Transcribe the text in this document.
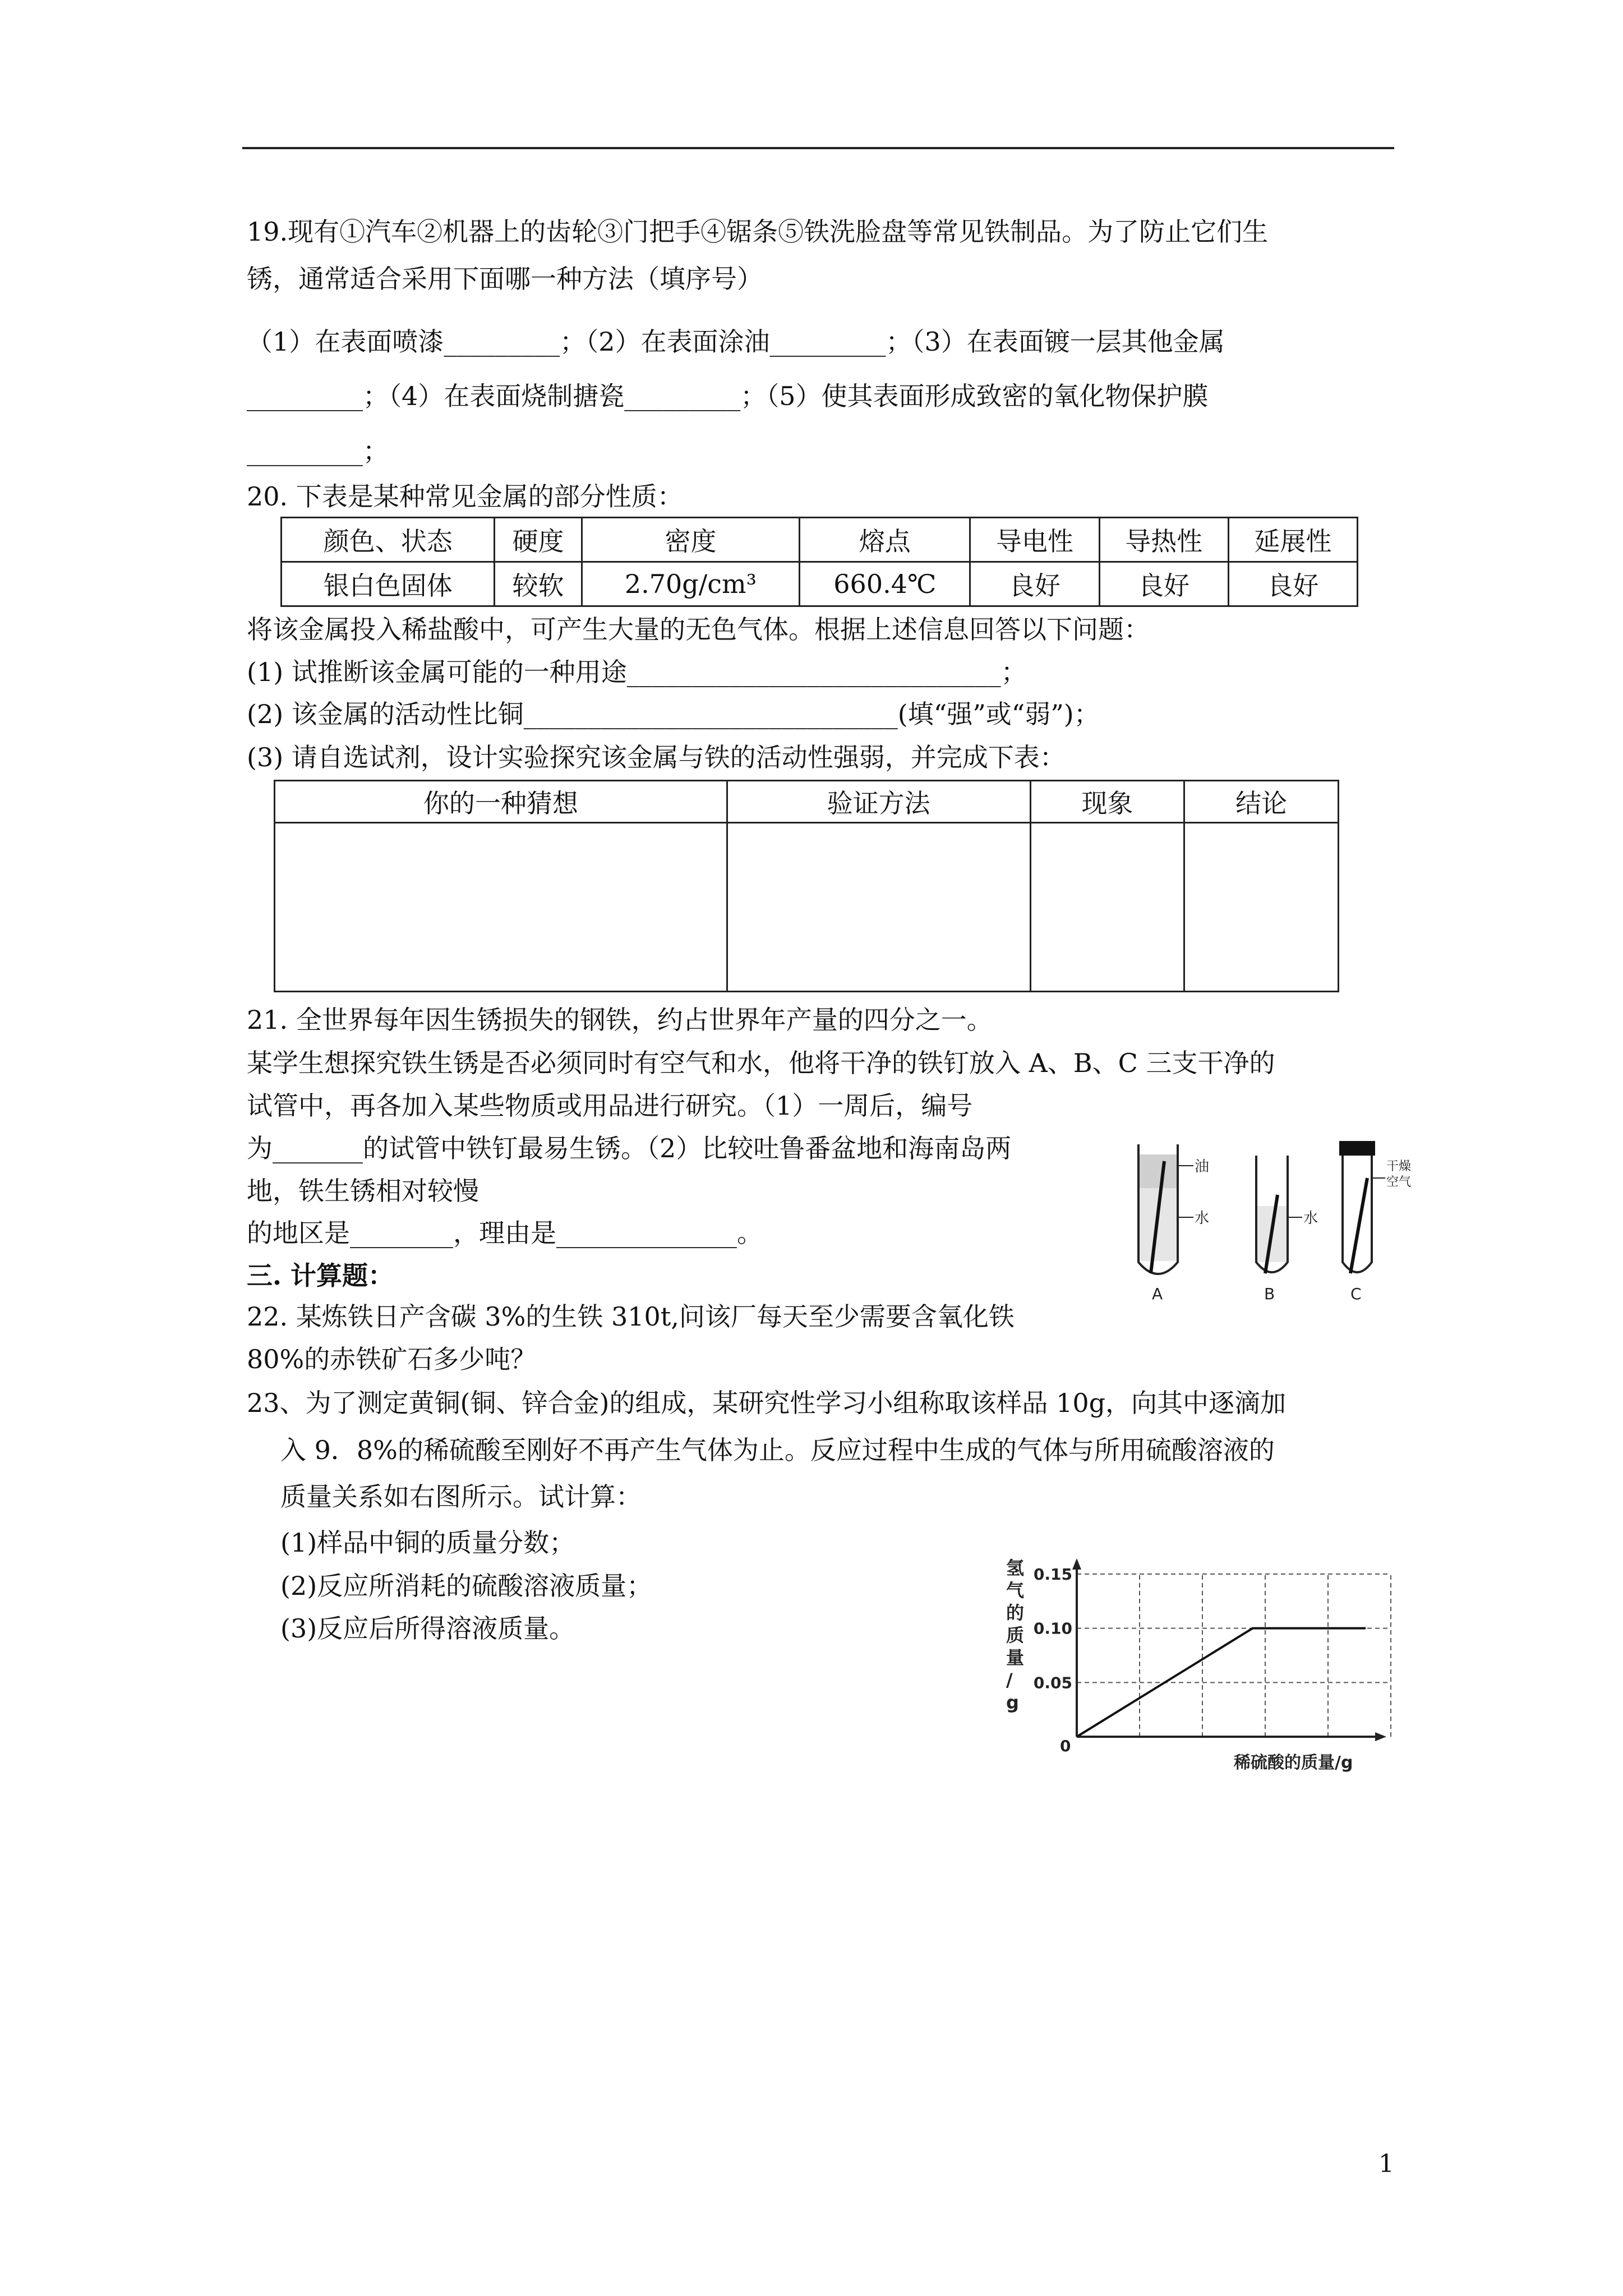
19.现有①汽车②机器上的齿轮③门把手④锯条⑤铁洗脸盘等常见铁制品。为了防止它们生
锈，通常适合采用下面哪一种方法（填序号）
（1）在表面喷漆_________；（2）在表面涂油_________；（3）在表面镀一层其他金属
_________；（4）在表面烧制搪瓷_________；（5）使其表面形成致密的氧化物保护膜
_________；
20. 下表是某种常见金属的部分性质：
颜色、状态	硬度	密度	熔点	导电性	导热性	延展性
银白色固体	较软	2.70g/cm³	660.4℃	良好	良好	良好
将该金属投入稀盐酸中，可产生大量的无色气体。根据上述信息回答以下问题：
(1) 试推断该金属可能的一种用途_____________________________；
(2) 该金属的活动性比铜_____________________________(填“强”或“弱”)；
(3) 请自选试剂，设计实验探究该金属与铁的活动性强弱，并完成下表：
你的一种猜想	验证方法	现象	结论

21. 全世界每年因生锈损失的钢铁，约占世界年产量的四分之一。
某学生想探究铁生锈是否必须同时有空气和水，他将干净的铁钉放入 A、B、C 三支干净的
试管中，再各加入某些物质或用品进行研究。（1）一周后，编号
为_______的试管中铁钉最易生锈。（2）比较吐鲁番盆地和海南岛两
地，铁生锈相对较慢
的地区是________，理由是______________。
油
水
A
水
B
干燥
空气
C
三. 计算题：
22. 某炼铁日产含碳 3%的生铁 310t,问该厂每天至少需要含氧化铁
80%的赤铁矿石多少吨？
23、为了测定黄铜(铜、锌合金)的组成，某研究性学习小组称取该样品 10g，向其中逐滴加
入 9．8%的稀硫酸至刚好不再产生气体为止。反应过程中生成的气体与所用硫酸溶液的
质量关系如右图所示。试计算：
(1)样品中铜的质量分数；
(2)反应所消耗的硫酸溶液质量；
(3)反应后所得溶液质量。
氢
气
的
质
量
/
g
0.15
0.10
0.05
0
稀硫酸的质量/g
1
